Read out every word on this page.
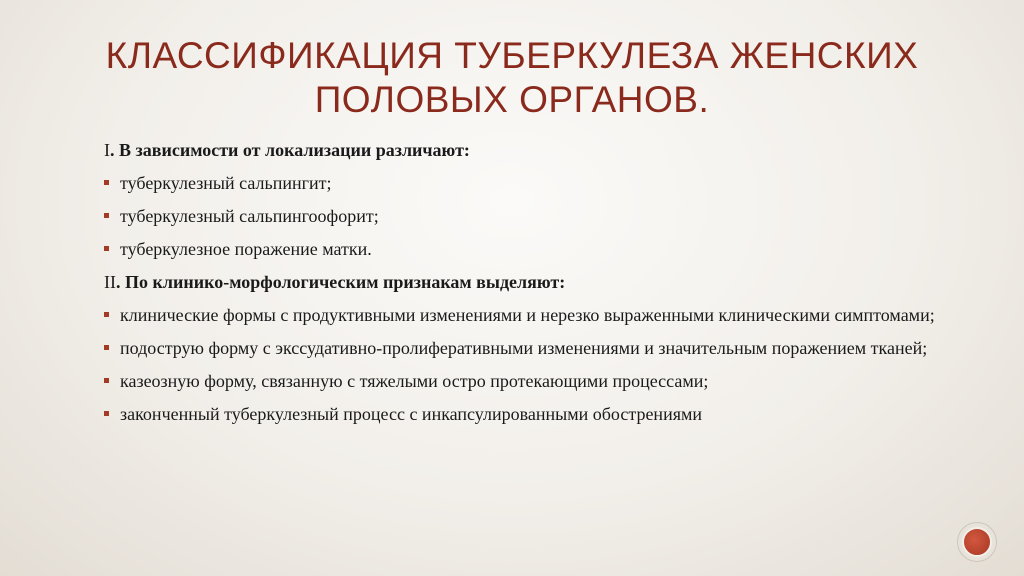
КЛАССИФИКАЦИЯ ТУБЕРКУЛЕЗА ЖЕНСКИХ
ПОЛОВЫХ ОРГАНОВ.
I. В зависимости от локализации различают:
туберкулезный сальпингит;
туберкулезный сальпингоофорит;
туберкулезное поражение матки.
II. По клинико-морфологическим признакам выделяют:
клинические формы с продуктивными изменениями и нерезко выраженными клиническими симптомами;
подострую форму с экссудативно-пролиферативными изменениями и значительным поражением тканей;
казеозную форму, связанную с тяжелыми остро протекающими процессами;
законченный туберкулезный процесс с инкапсулированными обострениями
